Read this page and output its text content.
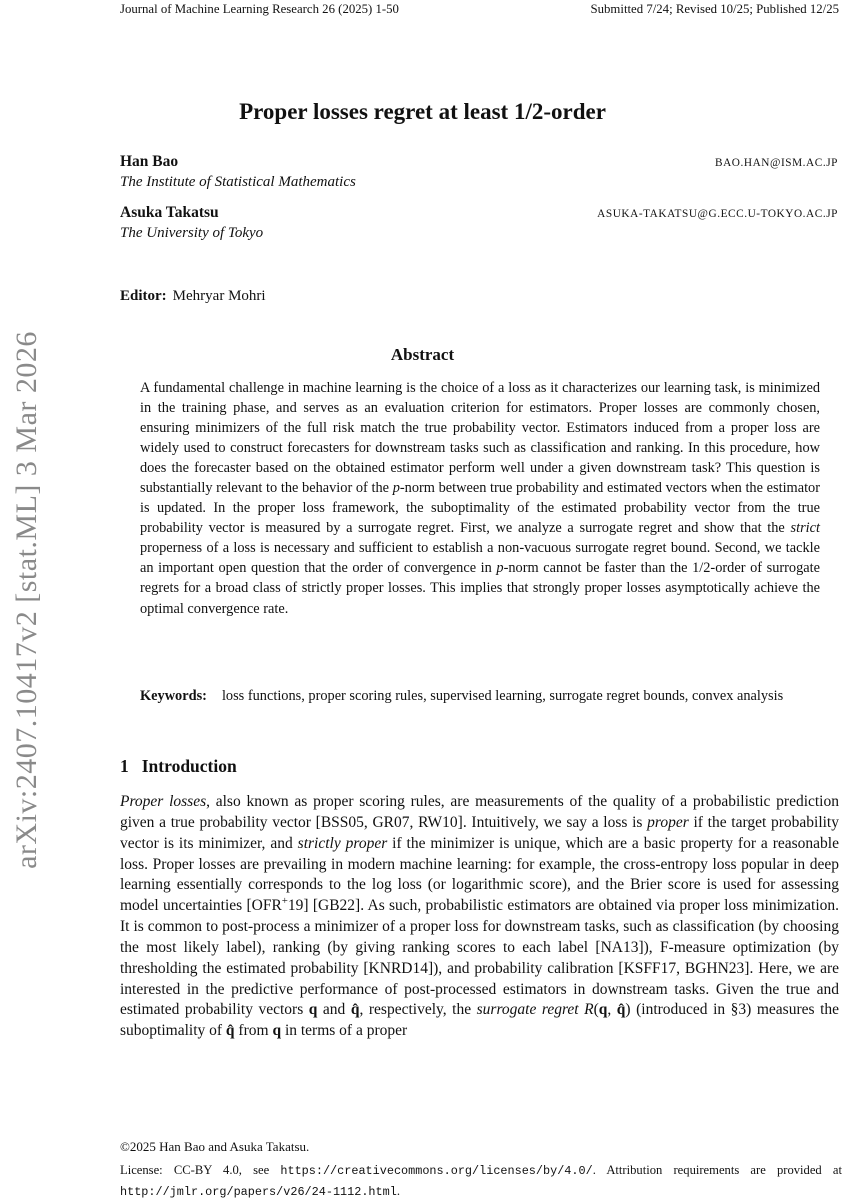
arXiv:2407.10417v2 [stat.ML] 3 Mar 2026
Journal of Machine Learning Research 26 (2025) 1-50	Submitted 7/24; Revised 10/25; Published 12/25
Proper losses regret at least 1/2-order
Han Bao	BAO.HAN@ISM.AC.JP
The Institute of Statistical Mathematics
Asuka Takatsu	ASUKA-TAKATSU@G.ECC.U-TOKYO.AC.JP
The University of Tokyo
Editor: Mehryar Mohri
Abstract
A fundamental challenge in machine learning is the choice of a loss as it characterizes our learning task, is minimized in the training phase, and serves as an evaluation criterion for estimators. Proper losses are commonly chosen, ensuring minimizers of the full risk match the true probability vector. Estimators induced from a proper loss are widely used to construct forecasters for downstream tasks such as classification and ranking. In this procedure, how does the forecaster based on the obtained estimator perform well under a given downstream task? This question is substantially relevant to the behavior of the p-norm between true probability and estimated vectors when the estimator is updated. In the proper loss framework, the suboptimality of the estimated probability vector from the true probability vector is measured by a surrogate regret. First, we analyze a surrogate regret and show that the strict properness of a loss is necessary and sufficient to establish a non-vacuous surrogate regret bound. Second, we tackle an important open question that the order of convergence in p-norm cannot be faster than the 1/2-order of surrogate regrets for a broad class of strictly proper losses. This implies that strongly proper losses asymptotically achieve the optimal convergence rate.
Keywords: loss functions, proper scoring rules, supervised learning, surrogate regret bounds, convex analysis
1 Introduction
Proper losses, also known as proper scoring rules, are measurements of the quality of a probabilistic prediction given a true probability vector [BSS05, GR07, RW10]. Intuitively, we say a loss is proper if the target probability vector is its minimizer, and strictly proper if the minimizer is unique, which are a basic property for a reasonable loss. Proper losses are prevailing in modern machine learning: for example, the cross-entropy loss popular in deep learning essentially corresponds to the log loss (or logarithmic score), and the Brier score is used for assessing model uncertainties [OFR+19] [GB22]. As such, probabilistic estimators are obtained via proper loss minimization. It is common to post-process a minimizer of a proper loss for downstream tasks, such as classification (by choosing the most likely label), ranking (by giving ranking scores to each label [NA13]), F-measure optimization (by thresholding the estimated probability [KNRD14]), and probability calibration [KSFF17, BGHN23]. Here, we are interested in the predictive performance of post-processed estimators in downstream tasks. Given the true and estimated probability vectors q and q̂, respectively, the surrogate regret R(q, q̂) (introduced in §3) measures the suboptimality of q̂ from q in terms of a proper
©2025 Han Bao and Asuka Takatsu.
License: CC-BY 4.0, see https://creativecommons.org/licenses/by/4.0/. Attribution requirements are provided at http://jmlr.org/papers/v26/24-1112.html.
